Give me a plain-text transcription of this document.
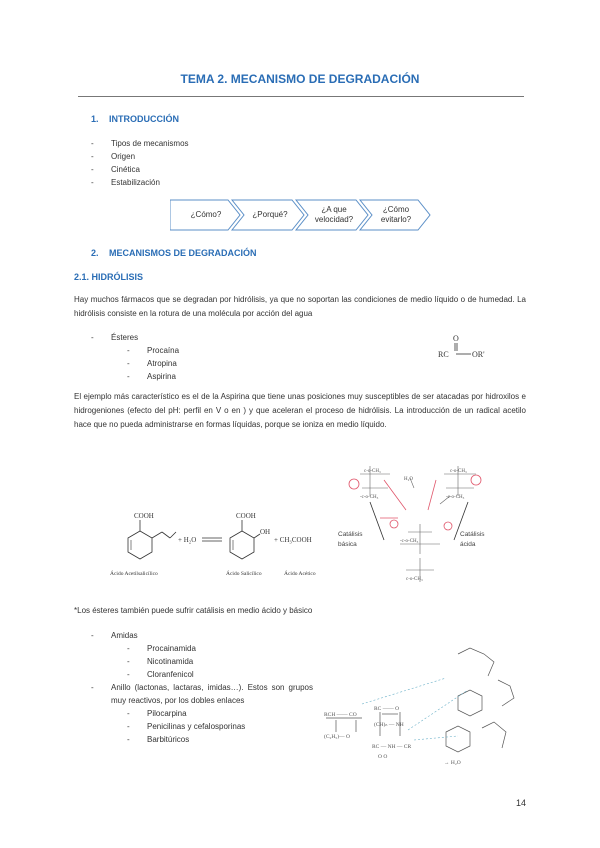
TEMA 2. MECANISMO DE DEGRADACIÓN
1. INTRODUCCIÓN
- Tipos de mecanismos
- Origen
- Cinética
- Estabilización
¿Cómo?	¿Porqué?
¿A que
velocidad?
¿Cómo
evitarlo?
2. MECANISMOS DE DEGRADACIÓN
2.1. HIDRÓLISIS
Hay muchos fármacos que se degradan por hidrólisis, ya que no soportan las condiciones de medio líquido o de humedad. La hidrólisis consiste en la rotura de una molécula por acción del agua
- Ésteres
- Procaína
- Atropina
- Aspirina
O
RC	OR'
El ejemplo más característico es el de la Aspirina que tiene unas posiciones muy susceptibles de ser atacadas por hidroxilos e hidrogeniones (efecto del pH: perfil en V o en ) y que aceleran el proceso de hidrólisis. La introducción de un radical acetilo hace que no pueda administrarse en formas líquidas, porque se ioniza en medio líquido.
COOH
+ H₂O
COOH
OH
+ CH₃COOH
Ácido Acetilsalicílico	Ácido Salicílico	Ácido Acético
c-o-CH₃	c-o-CH₃
-c-o-CH₃	-c-o-CH₃
H₂O
-c-o-CH₃
c-o-CH₃
Catálisis básica
Catálisis ácida
*Los ésteres también puede sufrir catálisis en medio ácido y básico
- Amidas
- Procainamida
- Nicotinamida
- Cloranfenicol
- Anillo (lactonas, lactaras, imidas…). Estos son grupos muy reactivos, por los dobles enlaces
- Pilocarpina
- Penicilinas y cefalosporinas
- Barbitúricos
RCH —— CO
(C₂H₅)— O
RC —— O
(CH)ₙ — NH
RC — NH — CR
O O
→ H₂O
14
